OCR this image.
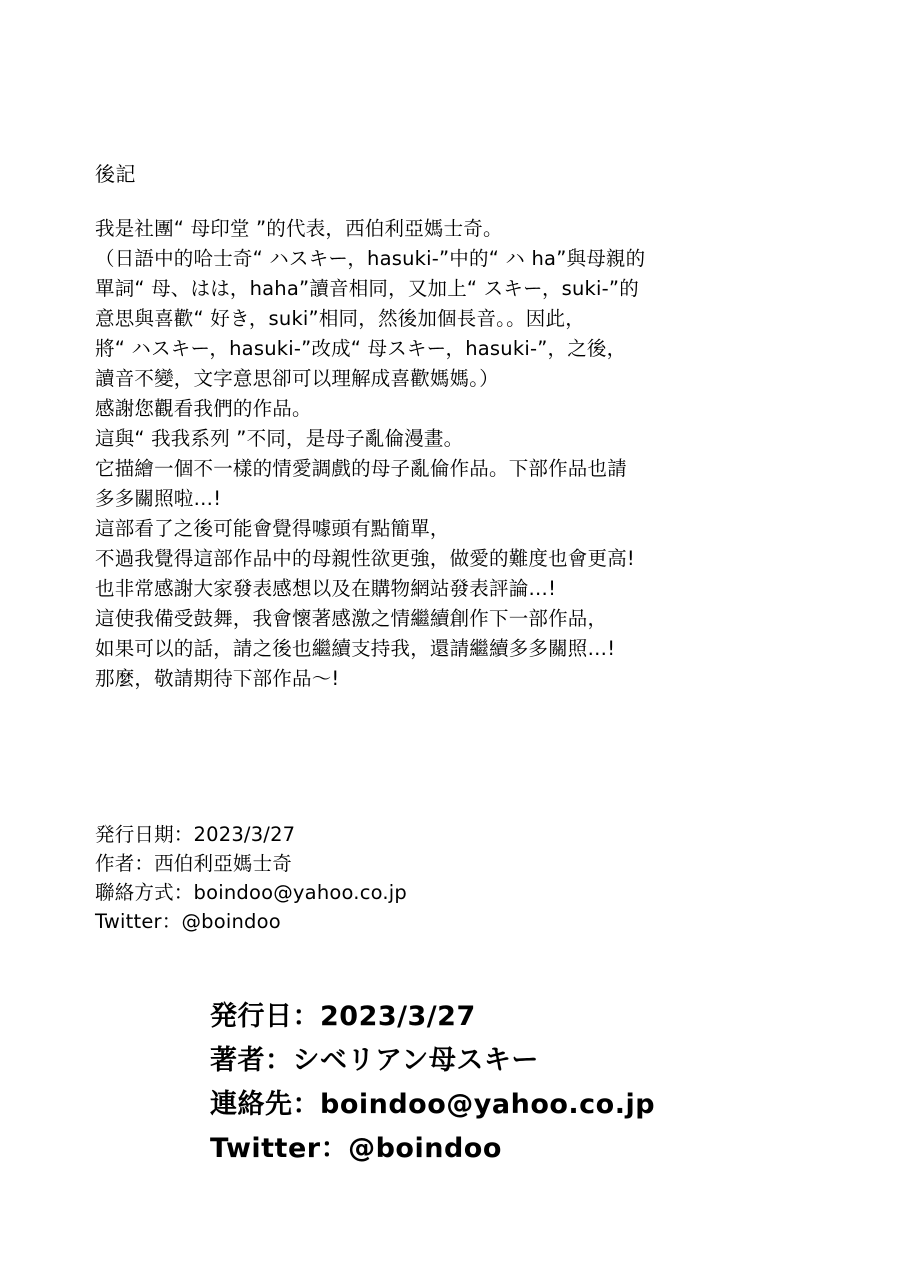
後記

我是社團“ 母印堂 ”的代表，西伯利亞媽士奇。

（日語中的哈士奇“ ハスキー，hasuki-”中的“ ハ ha”與母親的

單詞“ 母、はは，haha”讀音相同，又加上“ スキー，suki-”的

意思與喜歡“ 好き，suki”相同，然後加個長音。。因此，

將“ ハスキー，hasuki-”改成“ 母スキー，hasuki-”，之後，

讀音不變，文字意思卻可以理解成喜歡媽媽。）

感謝您觀看我們的作品。

這與“ 我我系列 ”不同，是母子亂倫漫畫。

它描繪一個不一樣的情愛調戲的母子亂倫作品。下部作品也請

多多關照啦…!

這部看了之後可能會覺得噱頭有點簡單，

不過我覺得這部作品中的母親性欲更強，做愛的難度也會更高!

也非常感謝大家發表感想以及在購物網站發表評論…!

這使我備受鼓舞，我會懷著感激之情繼續創作下一部作品，

如果可以的話，請之後也繼續支持我，還請繼續多多關照…!

那麼，敬請期待下部作品～!

発行日期：2023/3/27

作者：西伯利亞媽士奇

聯絡方式：boindoo@yahoo.co.jp

Twitter：@boindoo

発行日：2023/3/27

著者：シベリアン母スキー

連絡先：boindoo@yahoo.co.jp

Twitter：@boindoo
